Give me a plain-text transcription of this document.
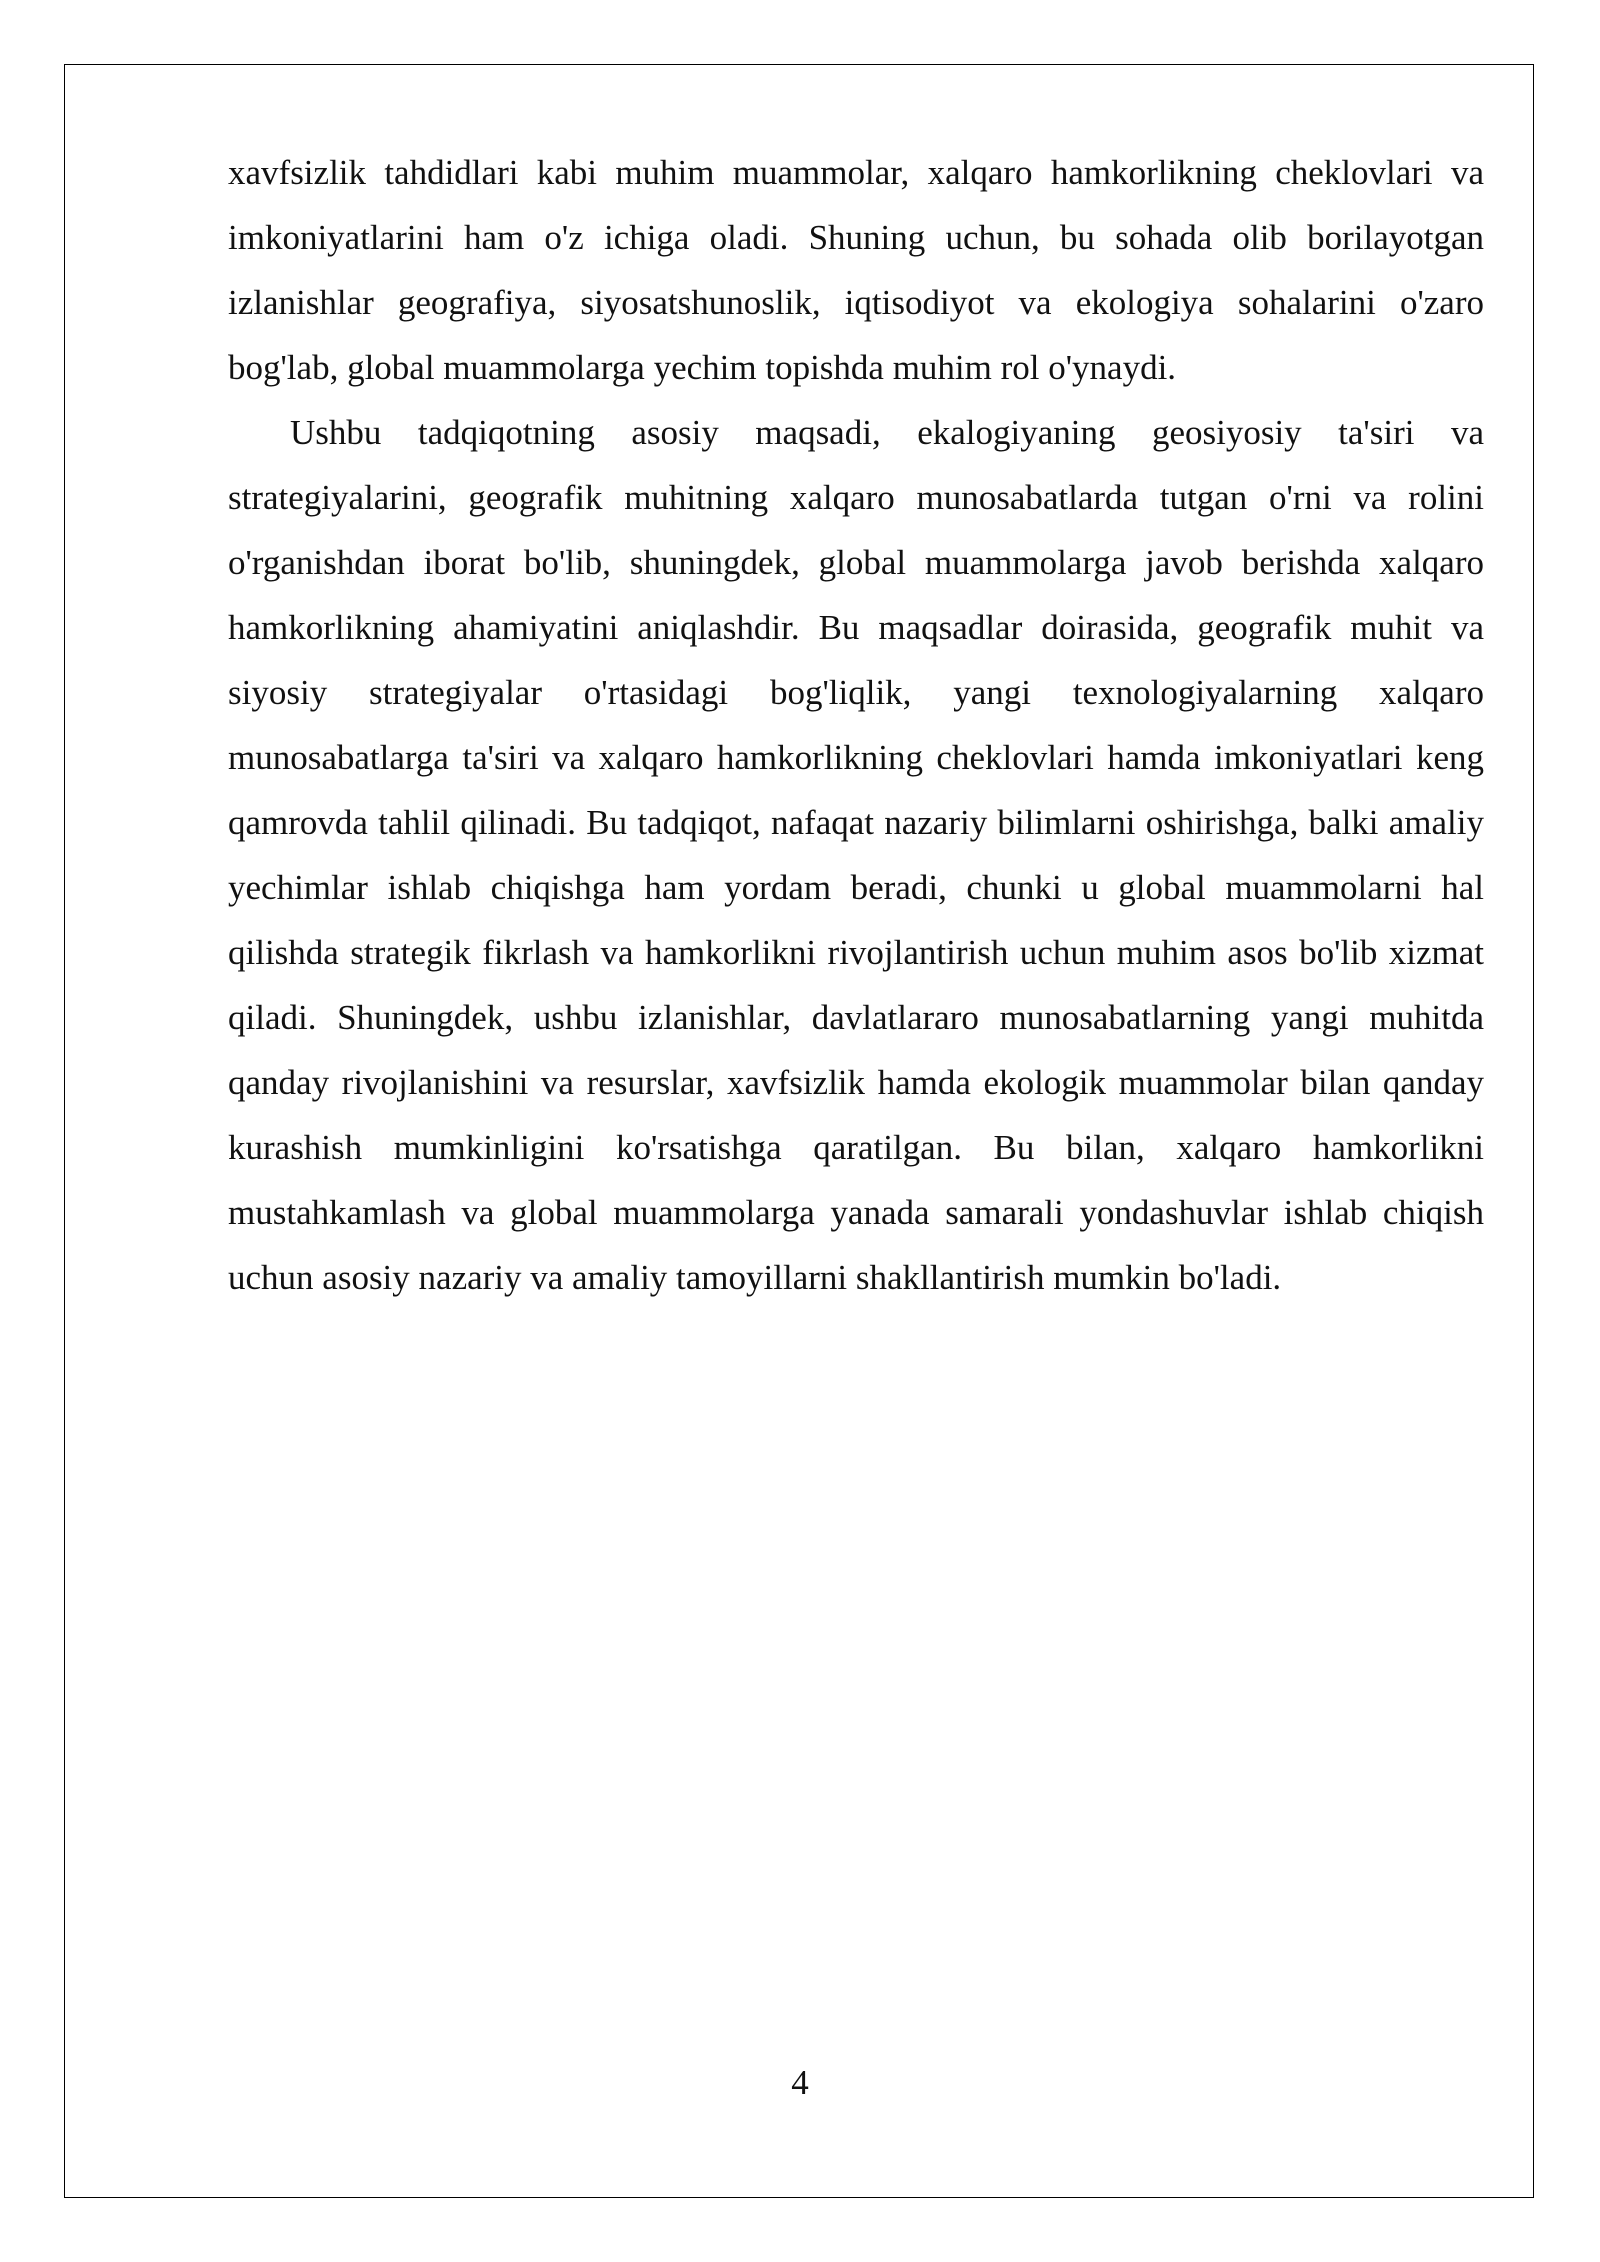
xavfsizlik tahdidlari kabi muhim muammolar, xalqaro hamkorlikning cheklovlari va imkoniyatlarini ham o'z ichiga oladi. Shuning uchun, bu sohada olib borilayotgan izlanishlar geografiya, siyosatshunoslik, iqtisodiyot va ekologiya sohalarini o'zaro bog'lab, global muammolarga yechim topishda muhim rol o'ynaydi.

Ushbu tadqiqotning asosiy maqsadi, ekalogiyaning geosiyosiy ta'siri va strategiyalarini, geografik muhitning xalqaro munosabatlarda tutgan o'rni va rolini o'rganishdan iborat bo'lib, shuningdek, global muammolarga javob berishda xalqaro hamkorlikning ahamiyatini aniqlashdir. Bu maqsadlar doirasida, geografik muhit va siyosiy strategiyalar o'rtasidagi bog'liqlik, yangi texnologiyalarning xalqaro munosabatlarga ta'siri va xalqaro hamkorlikning cheklovlari hamda imkoniyatlari keng qamrovda tahlil qilinadi. Bu tadqiqot, nafaqat nazariy bilimlarni oshirishga, balki amaliy yechimlar ishlab chiqishga ham yordam beradi, chunki u global muammolarni hal qilishda strategik fikrlash va hamkorlikni rivojlantirish uchun muhim asos bo'lib xizmat qiladi. Shuningdek, ushbu izlanishlar, davlatlararo munosabatlarning yangi muhitda qanday rivojlanishini va resurslar, xavfsizlik hamda ekologik muammolar bilan qanday kurashish mumkinligini ko'rsatishga qaratilgan. Bu bilan, xalqaro hamkorlikni mustahkamlash va global muammolarga yanada samarali yondashuvlar ishlab chiqish uchun asosiy nazariy va amaliy tamoyillarni shakllantirish mumkin bo'ladi.

4
